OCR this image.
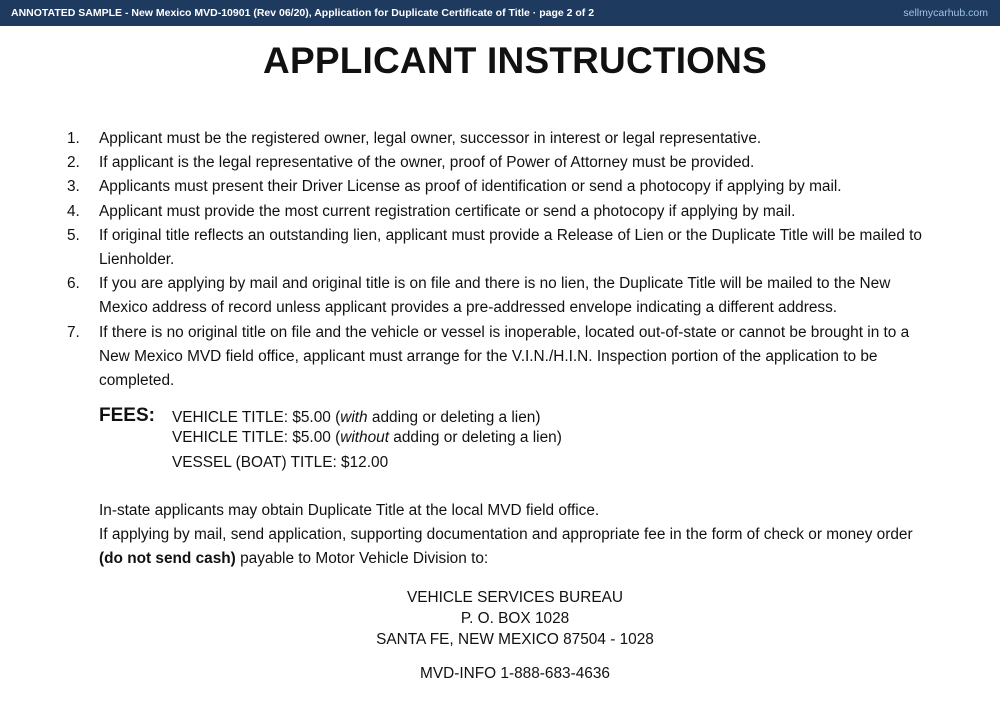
ANNOTATED SAMPLE - New Mexico MVD-10901 (Rev 06/20), Application for Duplicate Certificate of Title · page 2 of 2	sellmycarhub.com
APPLICANT INSTRUCTIONS
1. Applicant must be the registered owner, legal owner, successor in interest or legal representative.
2. If applicant is the legal representative of the owner, proof of Power of Attorney must be provided.
3. Applicants must present their Driver License as proof of identification or send a photocopy if applying by mail.
4. Applicant must provide the most current registration certificate or send a photocopy if applying by mail.
5. If original title reflects an outstanding lien, applicant must provide a Release of Lien or the Duplicate Title will be mailed to Lienholder.
6. If you are applying by mail and original title is on file and there is no lien, the Duplicate Title will be mailed to the New Mexico address of record unless applicant provides a pre-addressed envelope indicating a different address.
7. If there is no original title on file and the vehicle or vessel is inoperable, located out-of-state or cannot be brought in to a New Mexico MVD field office, applicant must arrange for the V.I.N./H.I.N. Inspection portion of the application to be completed.
FEES: VEHICLE TITLE: $5.00 (with adding or deleting a lien)
VEHICLE TITLE: $5.00 (without adding or deleting a lien)
VESSEL (BOAT) TITLE: $12.00

In-state applicants may obtain Duplicate Title at the local MVD field office.

If applying by mail, send application, supporting documentation and appropriate fee in the form of check or money order (do not send cash) payable to Motor Vehicle Division to:

VEHICLE SERVICES BUREAU
P. O. BOX 1028
SANTA FE, NEW MEXICO 87504 - 1028
MVD-INFO 1-888-683-4636
